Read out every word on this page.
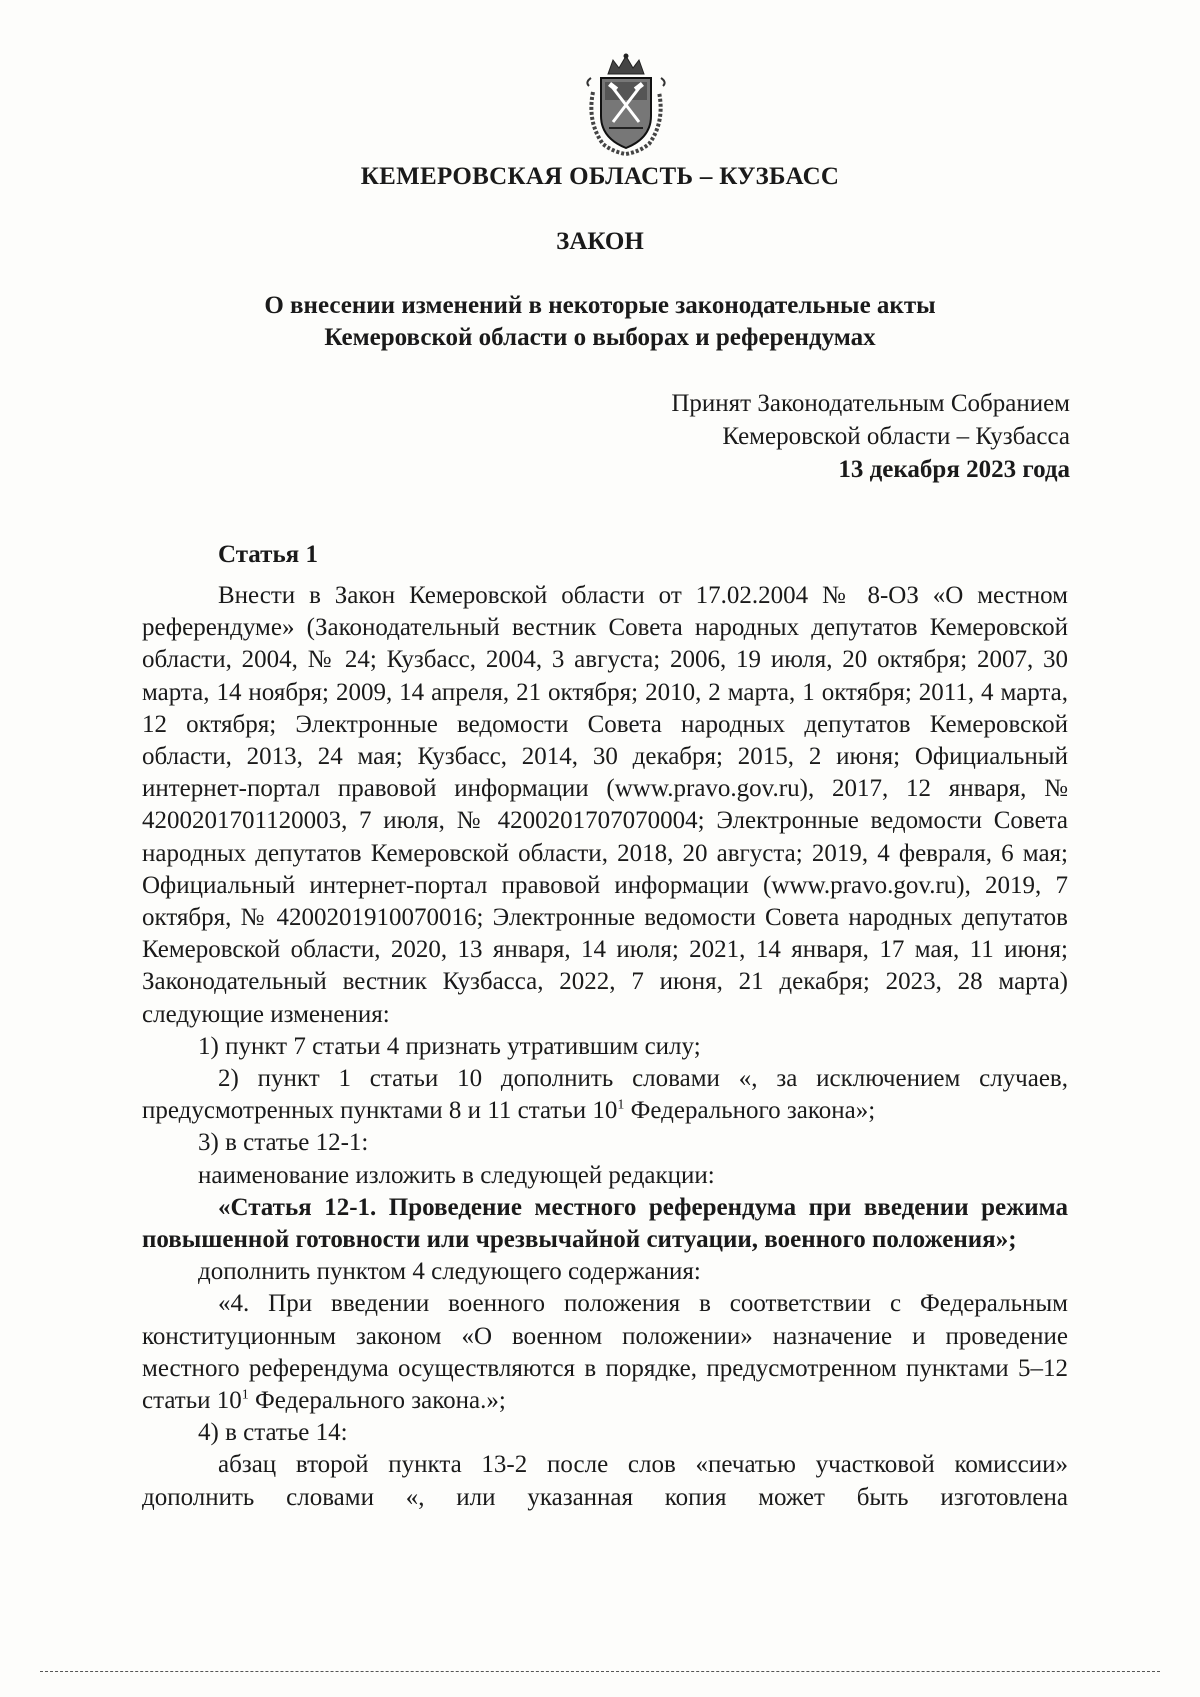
КЕМЕРОВСКАЯ ОБЛАСТЬ – КУЗБАСС
ЗАКОН
О внесении изменений в некоторые законодательные акты
Кемеровской области о выборах и референдумах
Принят Законодательным Собранием
Кемеровской области – Кузбасса
13 декабря 2023 года
Статья 1

Внести в Закон Кемеровской области от 17.02.2004 № 8-ОЗ «О местном референдуме» (Законодательный вестник Совета народных депутатов Кемеровской области, 2004, № 24; Кузбасс, 2004, 3 августа; 2006, 19 июля, 20 октября; 2007, 30 марта, 14 ноября; 2009, 14 апреля, 21 октября; 2010, 2 марта, 1 октября; 2011, 4 марта, 12 октября; Электронные ведомости Совета народных депутатов Кемеровской области, 2013, 24 мая; Кузбасс, 2014, 30 декабря; 2015, 2 июня; Официальный интернет-портал правовой информации (www.pravo.gov.ru), 2017, 12 января, № 4200201701120003, 7 июля, № 4200201707070004; Электронные ведомости Совета народных депутатов Кемеровской области, 2018, 20 августа; 2019, 4 февраля, 6 мая; Официальный интернет-портал правовой информации (www.pravo.gov.ru), 2019, 7 октября, № 4200201910070016; Электронные ведомости Совета народных депутатов Кемеровской области, 2020, 13 января, 14 июля; 2021, 14 января, 17 мая, 11 июня; Законодательный вестник Кузбасса, 2022, 7 июня, 21 декабря; 2023, 28 марта) следующие изменения:

1) пункт 7 статьи 4 признать утратившим силу;

2) пункт 1 статьи 10 дополнить словами «, за исключением случаев, предусмотренных пунктами 8 и 11 статьи $10^1$ Федерального закона»;

3) в статье 12-1:

наименование изложить в следующей редакции:

«Статья 12-1. Проведение местного референдума при введении режима повышенной готовности или чрезвычайной ситуации, военного положения»;

дополнить пунктом 4 следующего содержания:

«4. При введении военного положения в соответствии с Федеральным конституционным законом «О военном положении» назначение и проведение местного референдума осуществляются в порядке, предусмотренном пунктами 5–12 статьи $10^1$ Федерального закона.»;

4) в статье 14:

абзац второй пункта 13-2 после слов «печатью участковой комиссии» дополнить словами «, или указанная копия может быть изготовлена
